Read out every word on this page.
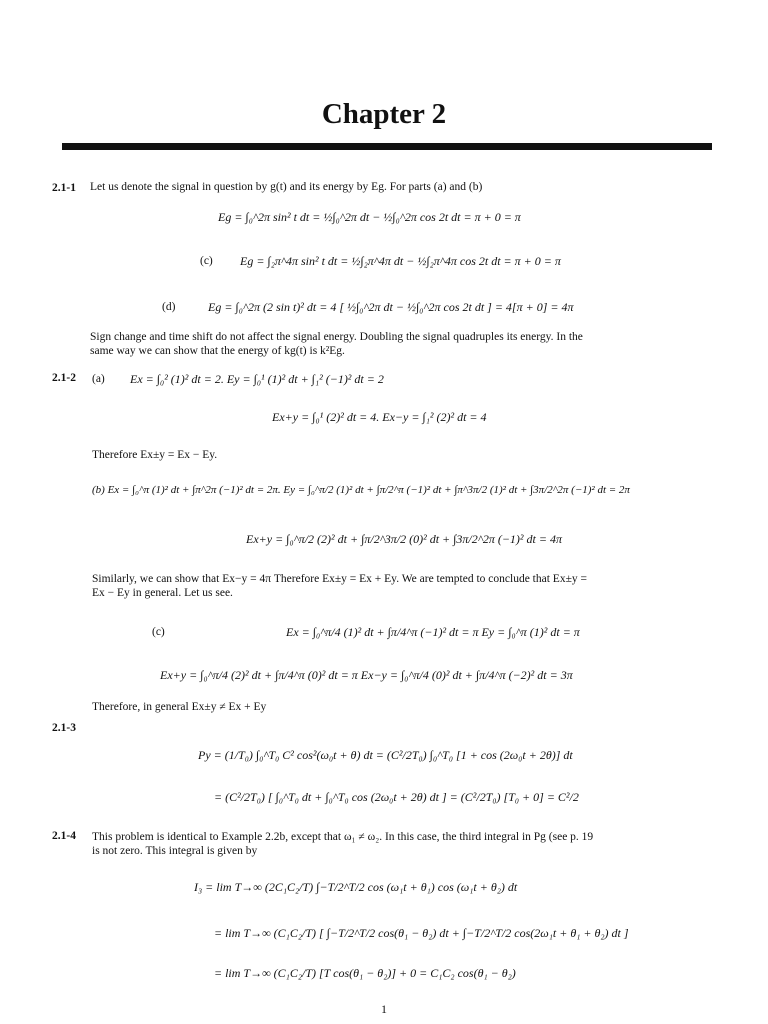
Chapter 2
2.1-1 Let us denote the signal in question by g(t) and its energy by Eg. For parts (a) and (b)
Eg = ∫₀^2π sin² t dt = ½∫₀^2π dt − ½∫₀^2π cos 2t dt = π + 0 = π
(c) Eg = ∫₂π^4π sin² t dt = ½∫₂π^4π dt − ½∫₂π^4π cos 2t dt = π + 0 = π
(d)	Eg = ∫₀^2π (2 sin t)² dt = 4 [ ½∫₀^2π dt − ½∫₀^2π cos 2t dt ] = 4[π + 0] = 4π
Sign change and time shift do not affect the signal energy. Doubling the signal quadruples its energy. In the
same way we can show that the energy of kg(t) is k²Eg.
2.1-2 (a) Ex = ∫₀² (1)² dt = 2. Ey = ∫₀¹ (1)² dt + ∫₁² (−1)² dt = 2
Ex+y = ∫₀¹ (2)² dt = 4. Ex−y = ∫₁² (2)² dt = 4
Therefore Ex±y = Ex − Ey.
(b) Ex = ∫₀^π (1)² dt + ∫π^2π (−1)² dt = 2π. Ey = ∫₀^π/2 (1)² dt + ∫π/2^π (−1)² dt + ∫π^3π/2 (1)² dt + ∫3π/2^2π (−1)² dt = 2π
Ex+y = ∫₀^π/2 (2)² dt + ∫π/2^3π/2 (0)² dt + ∫3π/2^2π (−1)² dt = 4π
Similarly, we can show that Ex−y = 4π Therefore Ex±y = Ex + Ey. We are tempted to conclude that Ex±y =
Ex − Ey in general. Let us see.
(c)	Ex = ∫₀^π/4 (1)² dt + ∫π/4^π (−1)² dt = π Ey = ∫₀^π (1)² dt = π
Ex+y = ∫₀^π/4 (2)² dt + ∫π/4^π (0)² dt = π Ex−y = ∫₀^π/4 (0)² dt + ∫π/4^π (−2)² dt = 3π
Therefore, in general Ex±y ≠ Ex + Ey
2.1-3
Py = (1/T₀) ∫₀^T₀ C² cos²(ω₀t + θ) dt = (C²/2T₀) ∫₀^T₀ [1 + cos (2ω₀t + 2θ)] dt
= (C²/2T₀) [ ∫₀^T₀ dt + ∫₀^T₀ cos (2ω₀t + 2θ) dt ] = (C²/2T₀) [T₀ + 0] = C²/2
2.1-4 This problem is identical to Example 2.2b, except that ω₁ ≠ ω₂. In this case, the third integral in Pg (see p. 19
is not zero. This integral is given by
I₃ = lim T→∞ (2C₁C₂/T) ∫−T/2^T/2 cos (ω₁t + θ₁) cos (ω₁t + θ₂) dt
= lim T→∞ (C₁C₂/T) [ ∫−T/2^T/2 cos(θ₁ − θ₂) dt + ∫−T/2^T/2 cos(2ω₁t + θ₁ + θ₂) dt ]
= lim T→∞ (C₁C₂/T) [T cos(θ₁ − θ₂)] + 0 = C₁C₂ cos(θ₁ − θ₂)
1
